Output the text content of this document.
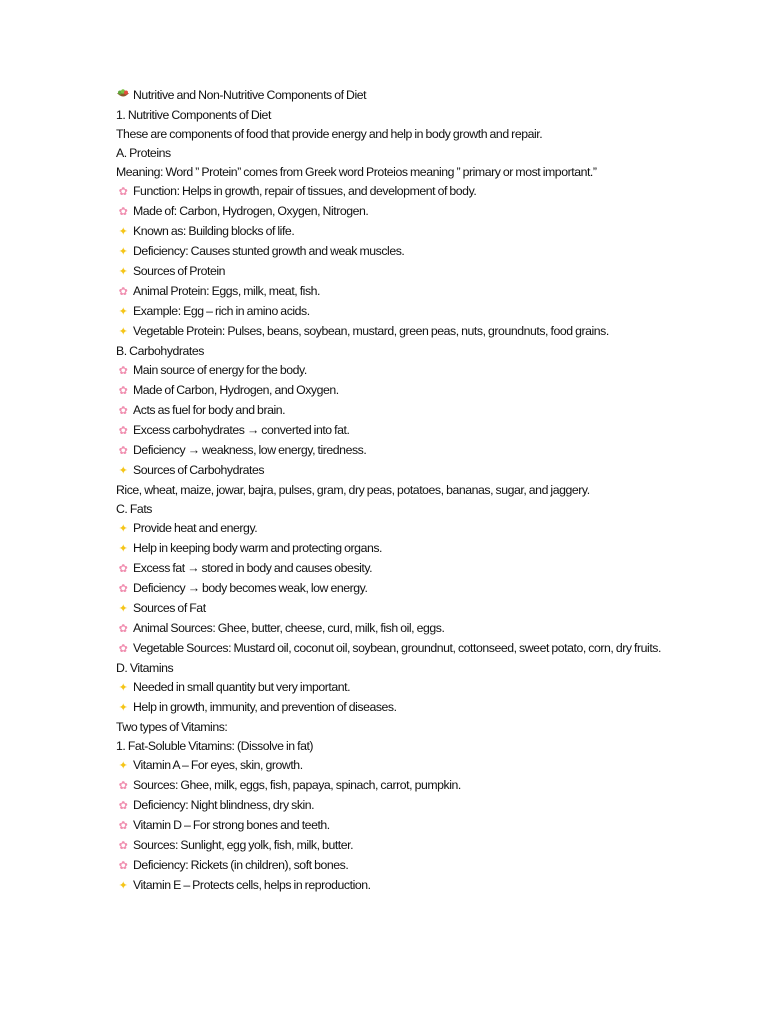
Nutritive and Non-Nutritive Components of Diet
1. Nutritive Components of Diet
These are components of food that provide energy and help in body growth and repair.
A. Proteins
Meaning: Word ” Protein” comes from Greek word Proteios meaning ” primary or most important.”
✿ Function: Helps in growth, repair of tissues, and development of body.
✿ Made of: Carbon, Hydrogen, Oxygen, Nitrogen.
✦ Known as: Building blocks of life.
✦ Deficiency: Causes stunted growth and weak muscles.
✦ Sources of Protein
✿ Animal Protein: Eggs, milk, meat, fish.
✦ Example: Egg – rich in amino acids.
✦ Vegetable Protein: Pulses, beans, soybean, mustard, green peas, nuts, groundnuts, food grains.
B. Carbohydrates
✿ Main source of energy for the body.
✿ Made of Carbon, Hydrogen, and Oxygen.
✿ Acts as fuel for body and brain.
✿ Excess carbohydrates → converted into fat.
✿ Deficiency → weakness, low energy, tiredness.
✦ Sources of Carbohydrates
Rice, wheat, maize, jowar, bajra, pulses, gram, dry peas, potatoes, bananas, sugar, and jaggery.
C. Fats
✦ Provide heat and energy.
✦ Help in keeping body warm and protecting organs.
✿ Excess fat → stored in body and causes obesity.
✿ Deficiency → body becomes weak, low energy.
✦ Sources of Fat
✿ Animal Sources: Ghee, butter, cheese, curd, milk, fish oil, eggs.
✿ Vegetable Sources: Mustard oil, coconut oil, soybean, groundnut, cottonseed, sweet potato, corn, dry fruits.
D. Vitamins
✦ Needed in small quantity but very important.
✦ Help in growth, immunity, and prevention of diseases.
Two types of Vitamins:
1. Fat-Soluble Vitamins: (Dissolve in fat)
✦ Vitamin A – For eyes, skin, growth.
✿ Sources: Ghee, milk, eggs, fish, papaya, spinach, carrot, pumpkin.
✿ Deficiency: Night blindness, dry skin.
✿ Vitamin D – For strong bones and teeth.
✿ Sources: Sunlight, egg yolk, fish, milk, butter.
✿ Deficiency: Rickets (in children), soft bones.
✦ Vitamin E – Protects cells, helps in reproduction.
